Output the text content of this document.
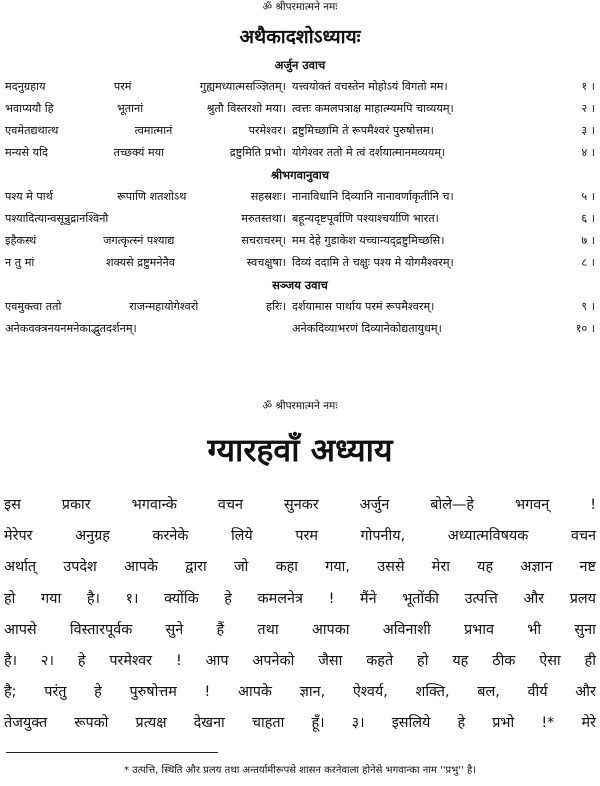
ॐ श्रीपरमात्मने नमः
अथैकादशोऽध्यायः
अर्जुन उवाच
मदनुग्रहाय	परमं	गुह्यमध्यात्मसञ्ज्ञितम्। यत्त्वयोक्तं वचस्तेन मोहोऽयं विगतो मम।	१ ।
भवाप्ययौ हि	भूतानां	श्रुतौ विस्तरशो मया। त्वत्तः कमलपत्राक्ष माहात्म्यमपि चाव्ययम्।	२ ।
एवमेतद्यथात्थ	त्वमात्मानं	परमेश्वर। द्रष्टुमिच्छामि ते रूपमैश्वरं पुरुषोत्तम।	३ ।
मन्यसे यदि	तच्छक्यं मया	द्रष्टुमिति प्रभो। योगेश्वर ततो मे त्वं दर्शयात्मानमव्ययम्।	४ ।
श्रीभगवानुवाच
पश्य मे पार्थ	रूपाणि शतशोऽथ	सहस्रशः। नानाविधानि दिव्यानि नानावर्णाकृतीनि च।	५ ।
पश्यादित्यान्वसून्रुद्रानश्विनौ	मरुतस्तथा। बहून्यदृष्टपूर्वाणि पश्याश्चर्याणि भारत।	६ ।
इहैकस्थं	जगत्कृत्स्नं पश्याद्य	सचराचरम्। मम देहे गुडाकेश यच्चान्यद्द्रष्टुमिच्छसि।	७ ।
न तु मां	शक्यसे द्रष्टुमनेनैव	स्वचक्षुषा। दिव्यं ददामि ते चक्षुः पश्य मे योगमैश्वरम्।	८ ।
सञ्जय उवाच
एवमुक्त्वा ततो	राजन्महायोगेश्वरो	हरिः। दर्शयामास पार्थाय परमं रूपमैश्वरम्।	९ ।
अनेकवक्त्रनयनमनेकाद्भुतदर्शनम्।	अनेकदिव्याभरणं दिव्यानेकोद्यतायुधम्।	१० ।
ॐ श्रीपरमात्मने नमः
ग्यारहवाँ अध्याय
इस	प्रकार	भगवान्के	वचन	सुनकर	अर्जुन	बोले—हे	भगवन्	!
मेरेपर	अनुग्रह	करनेके	लिये	परम	गोपनीय,	अध्यात्मविषयक	वचन
अर्थात् उपदेश आपके द्वारा जो कहा गया, उससे मेरा यह अज्ञान नष्ट
हो गया है। १। क्योंकि हे कमलनेत्र ! मैंने भूतोंकी उत्पत्ति और प्रलय
आपसे विस्तारपूर्वक सुने हैं तथा आपका अविनाशी प्रभाव भी सुना
है। २। हे परमेश्वर ! आप अपनेको जैसा कहते हो यह ठीक ऐसा ही
है; परंतु हे पुरुषोत्तम ! आपके ज्ञान, ऐश्वर्य, शक्ति, बल, वीर्य और
तेजयुक्त रूपको प्रत्यक्ष देखना चाहता हूँ। ३। इसलिये हे प्रभो !* मेरे
* उत्पत्ति, स्थिति और प्रलय तथा अन्तर्यामीरूपसे शासन करनेवाला होनेसे भगवान्का नाम ''प्रभु'' है।
